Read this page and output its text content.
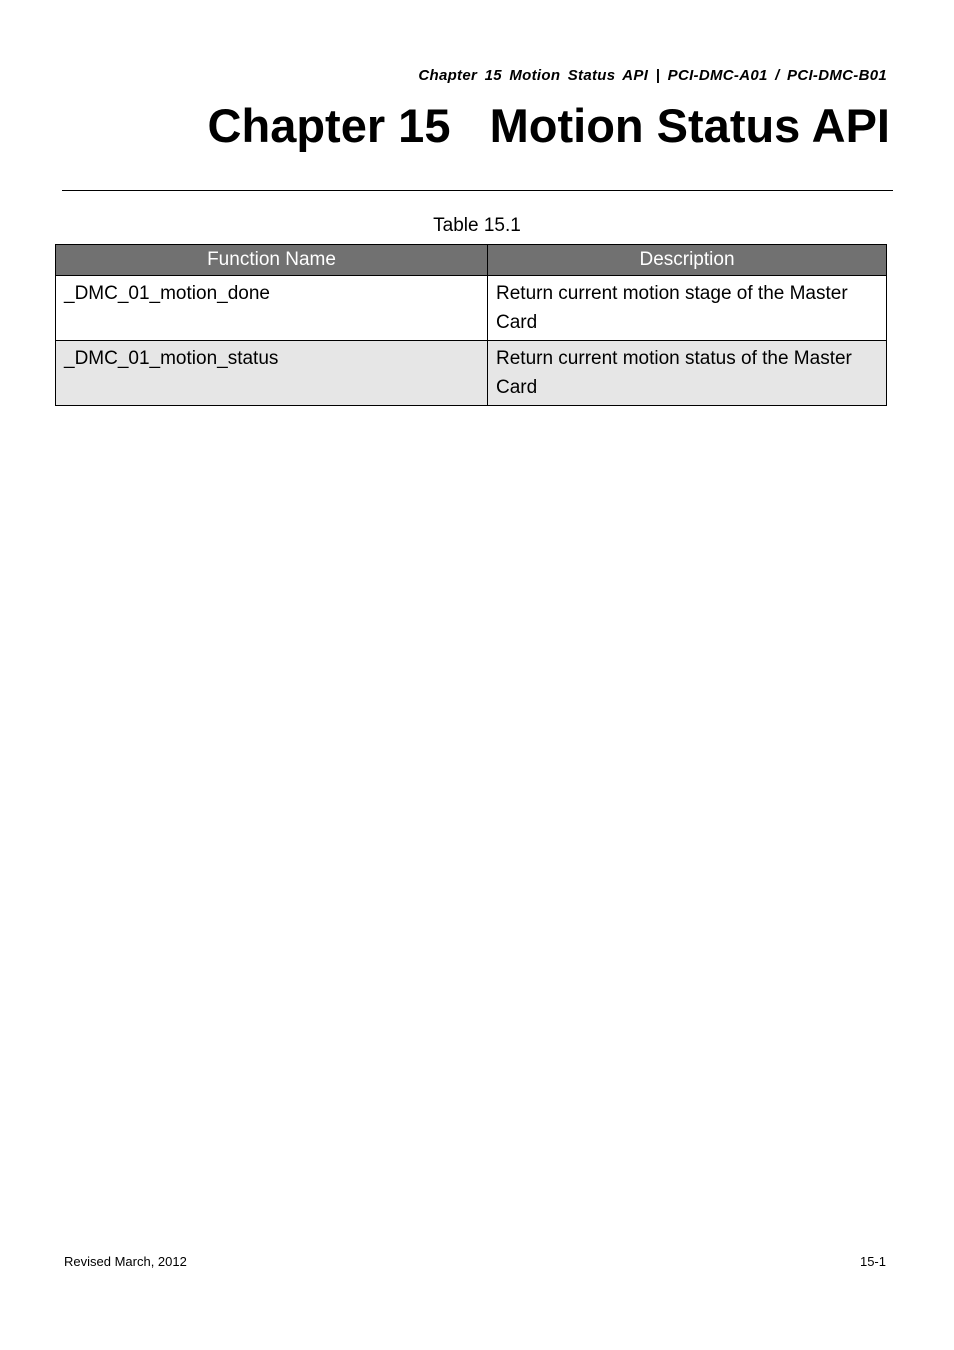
Chapter 15 Motion Status API | PCI-DMC-A01 / PCI-DMC-B01
Chapter 15   Motion Status API
Table 15.1
Function Name	Description
_DMC_01_motion_done	Return current motion stage of the Master Card
_DMC_01_motion_status	Return current motion status of the Master Card
Revised March, 2012	15-1
